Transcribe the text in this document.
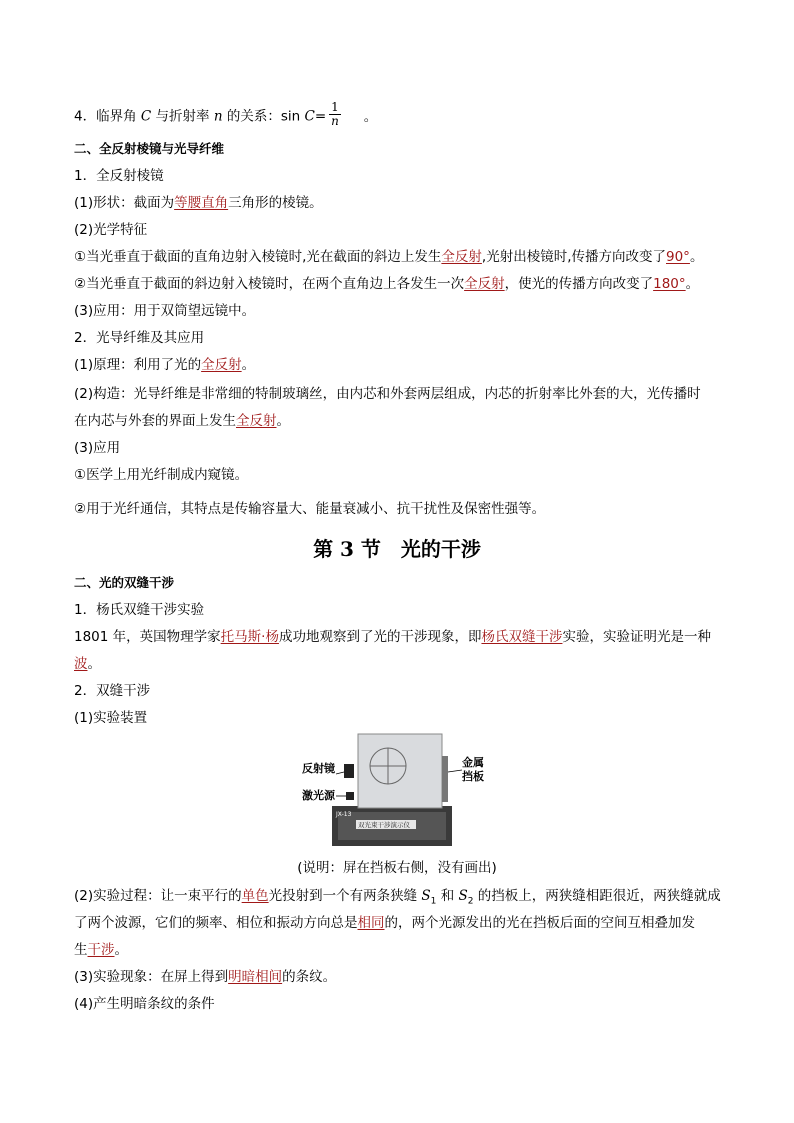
4．临界角 C 与折射率 n 的关系：$\sin C= \frac{1}{n}$ 。
二、全反射棱镜与光导纤维
1．全反射棱镜
(1)形状：截面为等腰直角三角形的棱镜。
(2)光学特征
①当光垂直于截面的直角边射入棱镜时,光在截面的斜边上发生全反射,光射出棱镜时,传播方向改变了90°。
②当光垂直于截面的斜边射入棱镜时，在两个直角边上各发生一次全反射，使光的传播方向改变了180°。
(3)应用：用于双筒望远镜中。
2．光导纤维及其应用
(1)原理：利用了光的全反射。
(2)构造：光导纤维是非常细的特制玻璃丝，由内芯和外套两层组成，内芯的折射率比外套的大，光传播时
在内芯与外套的界面上发生全反射。
(3)应用
①医学上用光纤制成内窥镜。
②用于光纤通信，其特点是传输容量大、能量衰减小、抗干扰性及保密性强等。
第 3 节　光的干涉
二、光的双缝干涉
1．杨氏双缝干涉实验
1801 年，英国物理学家托马斯·杨成功地观察到了光的干涉现象，即杨氏双缝干涉实验，实验证明光是一种
波。
2．双缝干涉
(1)实验装置
JX-13
双光束干涉演示仪
反射镜
激光源
金属
挡板
(说明：屏在挡板右侧，没有画出)
(2)实验过程：让一束平行的单色光投射到一个有两条狭缝 $S_1$ 和 $S_2$ 的挡板上，两狭缝相距很近，两狭缝就成
了两个波源，它们的频率、相位和振动方向总是相同的，两个光源发出的光在挡板后面的空间互相叠加发
生干涉。
(3)实验现象：在屏上得到明暗相间的条纹。
(4)产生明暗条纹的条件
